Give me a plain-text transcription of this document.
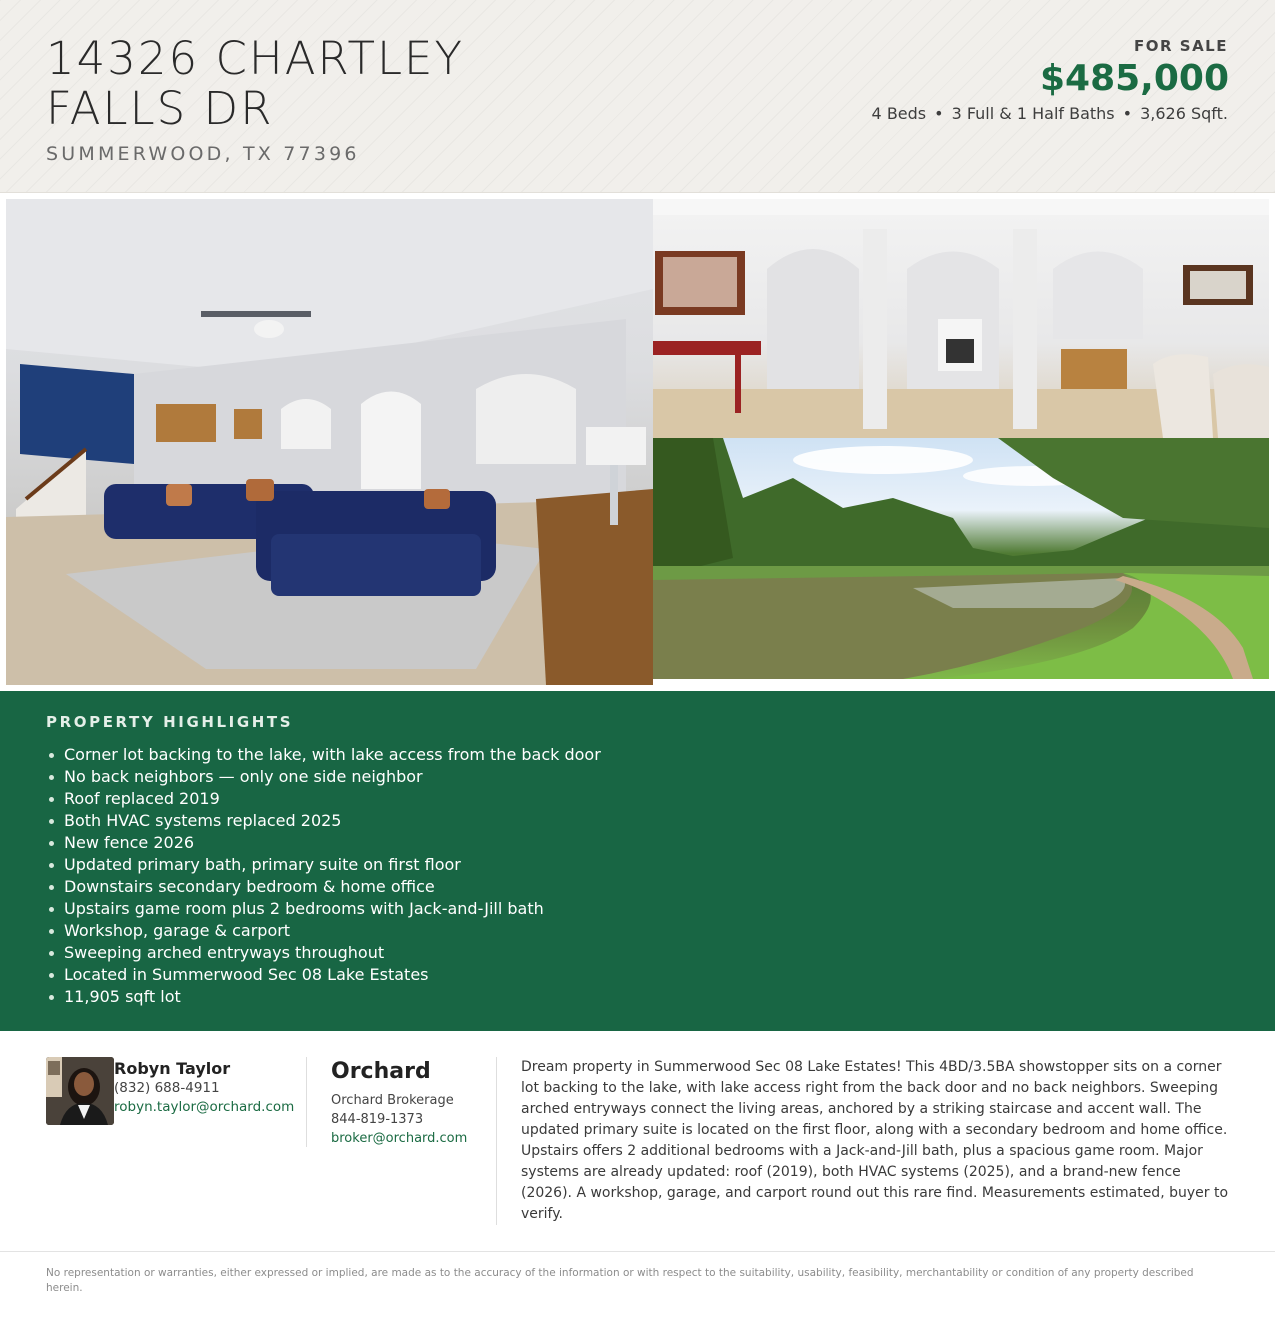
14326 CHARTLEY
FALLS DR
SUMMERWOOD, TX 77396
FOR SALE
$485,000
4 Beds • 3 Full & 1 Half Baths • 3,626 Sqft.
PROPERTY HIGHLIGHTS
Corner lot backing to the lake, with lake access from the back door
No back neighbors — only one side neighbor
Roof replaced 2019
Both HVAC systems replaced 2025
New fence 2026
Updated primary bath, primary suite on first floor
Downstairs secondary bedroom & home office
Upstairs game room plus 2 bedrooms with Jack-and-Jill bath
Workshop, garage & carport
Sweeping arched entryways throughout
Located in Summerwood Sec 08 Lake Estates
11,905 sqft lot
Robyn Taylor
(832) 688-4911
robyn.taylor@orchard.com
Orchard
Orchard Brokerage
844-819-1373
broker@orchard.com
Dream property in Summerwood Sec 08 Lake Estates! This 4BD/3.5BA showstopper sits on a corner lot backing to the lake, with lake access right from the back door and no back neighbors. Sweeping arched entryways connect the living areas, anchored by a striking staircase and accent wall. The updated primary suite is located on the first floor, along with a secondary bedroom and home office. Upstairs offers 2 additional bedrooms with a Jack-and-Jill bath, plus a spacious game room. Major systems are already updated: roof (2019), both HVAC systems (2025), and a brand-new fence (2026). A workshop, garage, and carport round out this rare find. Measurements estimated, buyer to verify.
No representation or warranties, either expressed or implied, are made as to the accuracy of the information or with respect to the suitability, usability, feasibility, merchantability or condition of any property described herein.
